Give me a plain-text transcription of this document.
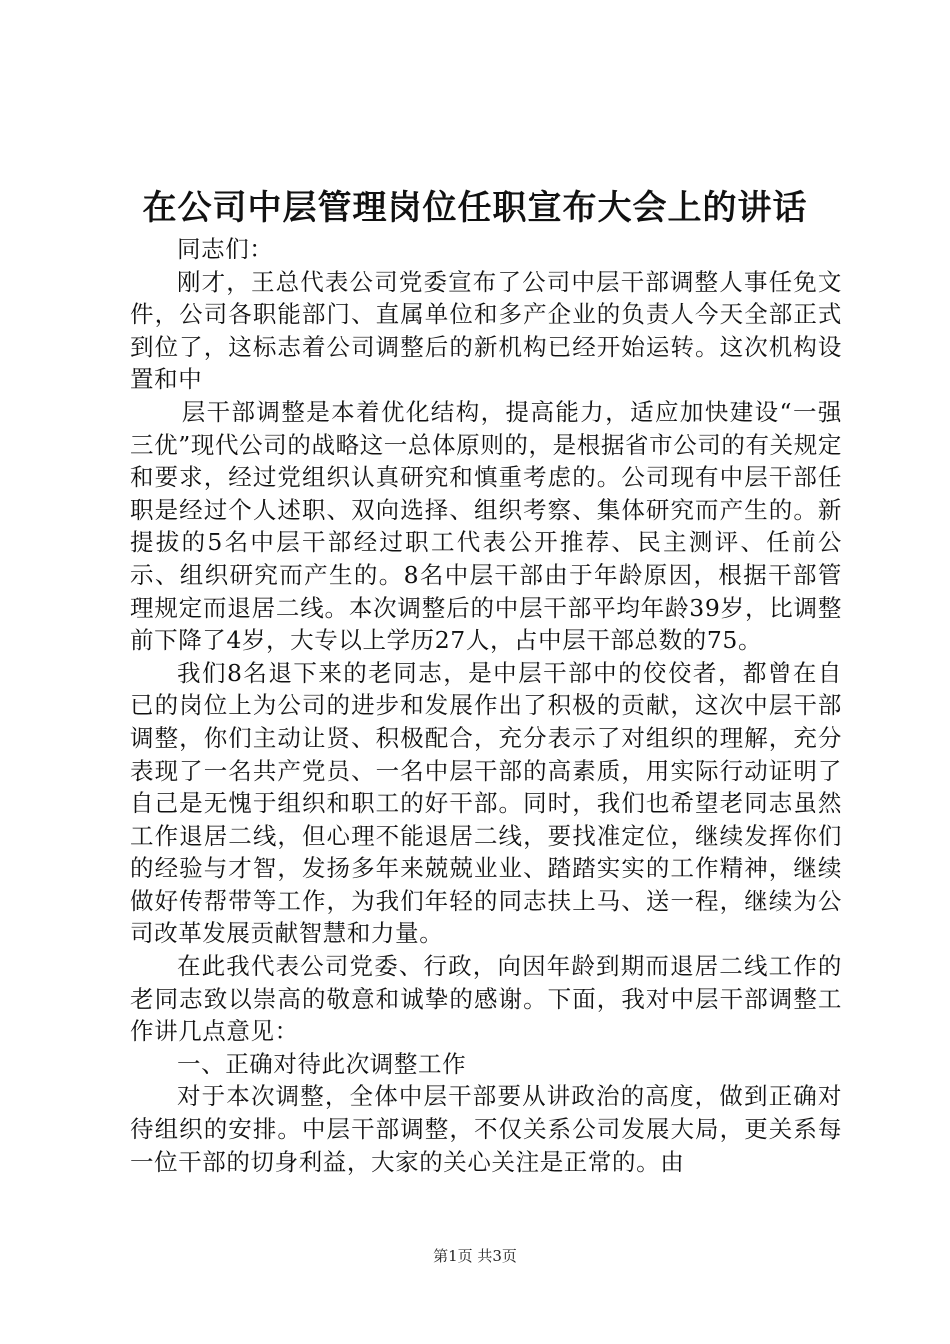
在公司中层管理岗位任职宣布大会上的讲话

同志们：

刚才，王总代表公司党委宣布了公司中层干部调整人事任免文件，公司各职能部门、直属单位和多产企业的负责人今天全部正式到位了，这标志着公司调整后的新机构已经开始运转。这次机构设置和中

层干部调整是本着优化结构，提高能力，适应加快建设“一强三优”现代公司的战略这一总体原则的，是根据省市公司的有关规定和要求，经过党组织认真研究和慎重考虑的。公司现有中层干部任职是经过个人述职、双向选择、组织考察、集体研究而产生的。新提拔的5名中层干部经过职工代表公开推荐、民主测评、任前公示、组织研究而产生的。8名中层干部由于年龄原因，根据干部管理规定而退居二线。本次调整后的中层干部平均年龄39岁，比调整前下降了4岁，大专以上学历27人，占中层干部总数的75。

我们8名退下来的老同志，是中层干部中的佼佼者，都曾在自已的岗位上为公司的进步和发展作出了积极的贡献，这次中层干部调整，你们主动让贤、积极配合，充分表示了对组织的理解，充分表现了一名共产党员、一名中层干部的高素质，用实际行动证明了自己是无愧于组织和职工的好干部。同时，我们也希望老同志虽然工作退居二线，但心理不能退居二线，要找准定位，继续发挥你们的经验与才智，发扬多年来兢兢业业、踏踏实实的工作精神，继续做好传帮带等工作，为我们年轻的同志扶上马、送一程，继续为公司改革发展贡献智慧和力量。

在此我代表公司党委、行政，向因年龄到期而退居二线工作的老同志致以崇高的敬意和诚挚的感谢。下面，我对中层干部调整工作讲几点意见：

一、正确对待此次调整工作

对于本次调整，全体中层干部要从讲政治的高度，做到正确对待组织的安排。中层干部调整，不仅关系公司发展大局，更关系每一位干部的切身利益，大家的关心关注是正常的。由

第1页 共3页
